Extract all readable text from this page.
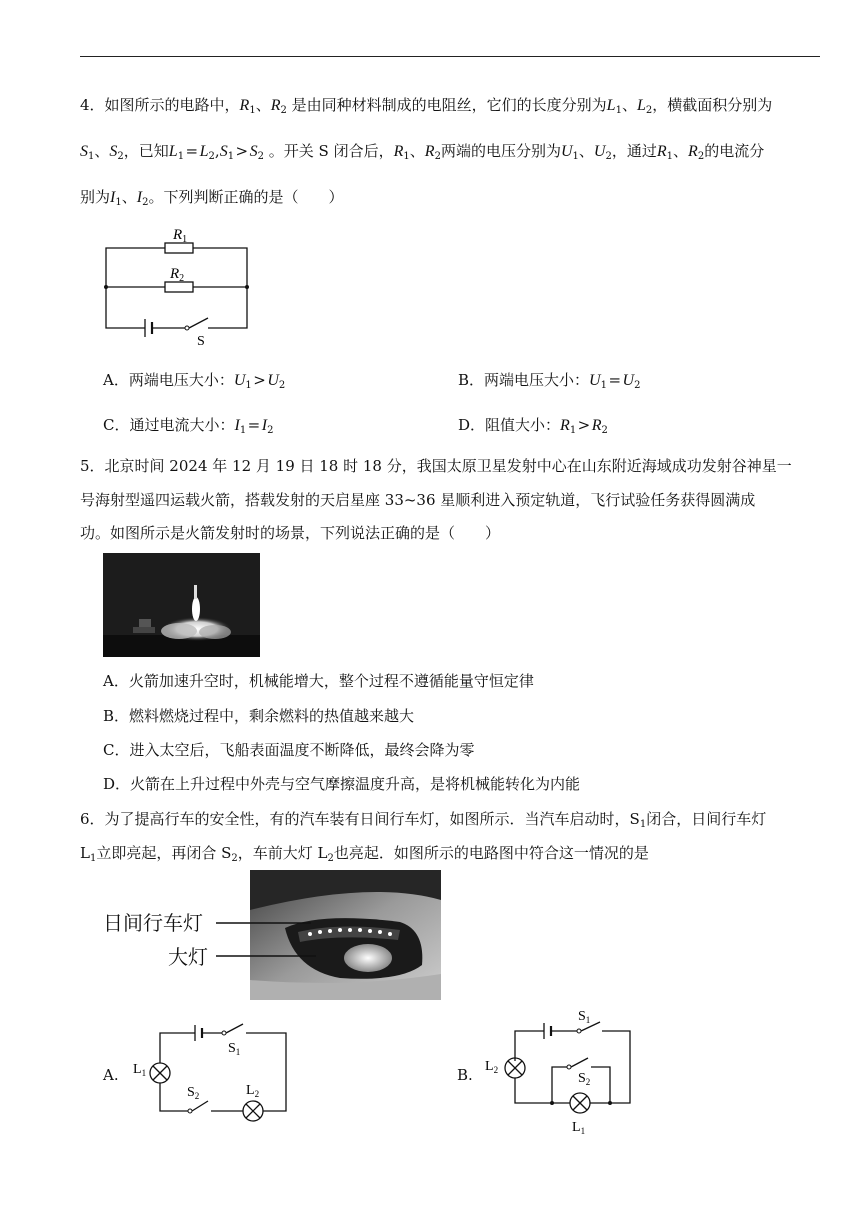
4．如图所示的电路中，$R_1$、$R_2$ 是由同种材料制成的电阻丝，它们的长度分别为$L_1$、$L_2$，横截面积分别为
$S_1$、$S_2$，已知$L_1$ = $L_2,S_1$ > $S_2$ 。开关 S 闭合后，$R_1$、$R_2$两端的电压分别为$U_1$、$U_2$，通过$R_1$、$R_2$的电流分
别为$I_1$、$I_2$。下列判断正确的是（　　）
$R_1$
$R_2$
S
A．两端电压大小：$U_1$ > $U_2$	B．两端电压大小：$U_1$ = $U_2$
C．通过电流大小：$I_1$ = $I_2$	D．阻值大小：$R_1$ > $R_2$
5．北京时间 2024 年 12 月 19 日 18 时 18 分，我国太原卫星发射中心在山东附近海域成功发射谷神星一
号海射型遥四运载火箭，搭载发射的天启星座 33~36 星顺利进入预定轨道，飞行试验任务获得圆满成
功。如图所示是火箭发射时的场景，下列说法正确的是（　　）
A．火箭加速升空时，机械能增大，整个过程不遵循能量守恒定律
B．燃料燃烧过程中，剩余燃料的热值越来越大
C．进入太空后，飞船表面温度不断降低，最终会降为零
D．火箭在上升过程中外壳与空气摩擦温度升高，是将机械能转化为内能
6．为了提高行车的安全性，有的汽车装有日间行车灯，如图所示．当汽车启动时，$S_1$闭合，日间行车灯
$L_1$立即亮起，再闭合 $S_2$，车前大灯 $L_2$也亮起．如图所示的电路图中符合这一情况的是
日间行车灯
大灯
A. $L_1$
$S_1$
$S_2$	$L_2$
B. $L_2$
$S_1$
$S_2$
$L_1$
